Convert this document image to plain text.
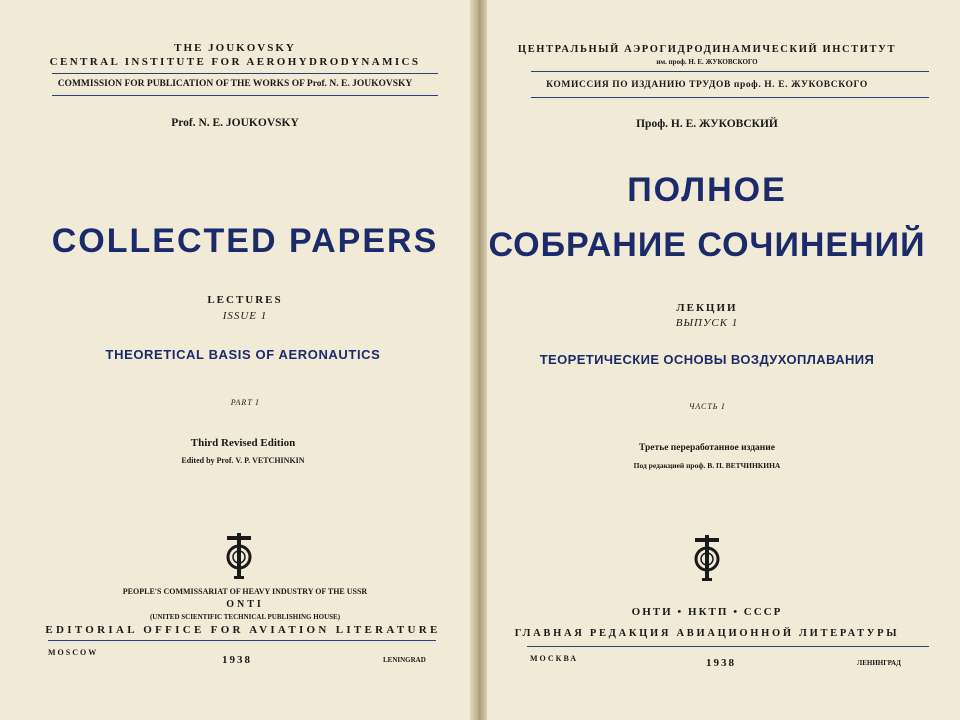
THE JOUKOVSKY
CENTRAL INSTITUTE FOR AEROHYDRODYNAMICS
COMMISSION FOR PUBLICATION OF THE WORKS OF Prof. N. E. JOUKOVSKY
Prof. N. E. JOUKOVSKY
COLLECTED PAPERS
LECTURES
ISSUE 1
THEORETICAL BASIS OF AERONAUTICS
PART I
Third Revised Edition
Edited by Prof. V. P. VETCHINKIN
PEOPLE'S COMMISSARIAT OF HEAVY INDUSTRY OF THE USSR
ONTI
(UNITED SCIENTIFIC TECHNICAL PUBLISHING HOUSE)
EDITORIAL OFFICE FOR AVIATION LITERATURE
MOSCOW
1938	LENINGRAD
ЦЕНТРАЛЬНЫЙ АЭРОГИДРОДИНАМИЧЕСКИЙ ИНСТИТУТ
им. проф. Н. Е. ЖУКОВСКОГО
КОМИССИЯ ПО ИЗДАНИЮ ТРУДОВ проф. Н. Е. ЖУКОВСКОГО
Проф. Н. Е. ЖУКОВСКИЙ
ПОЛНОЕ
СОБРАНИЕ СОЧИНЕНИЙ
ЛЕКЦИИ
ВЫПУСК 1
ТЕОРЕТИЧЕСКИЕ ОСНОВЫ ВОЗДУХОПЛАВАНИЯ
ЧАСТЬ I
Третье переработанное издание
Под редакцией проф. В. П. ВЕТЧИНКИНА
ОНТИ • НКТП • СССР
ГЛАВНАЯ РЕДАКЦИЯ АВИАЦИОННОЙ ЛИТЕРАТУРЫ
МОСКВА	1938	ЛЕНИНГРАД
